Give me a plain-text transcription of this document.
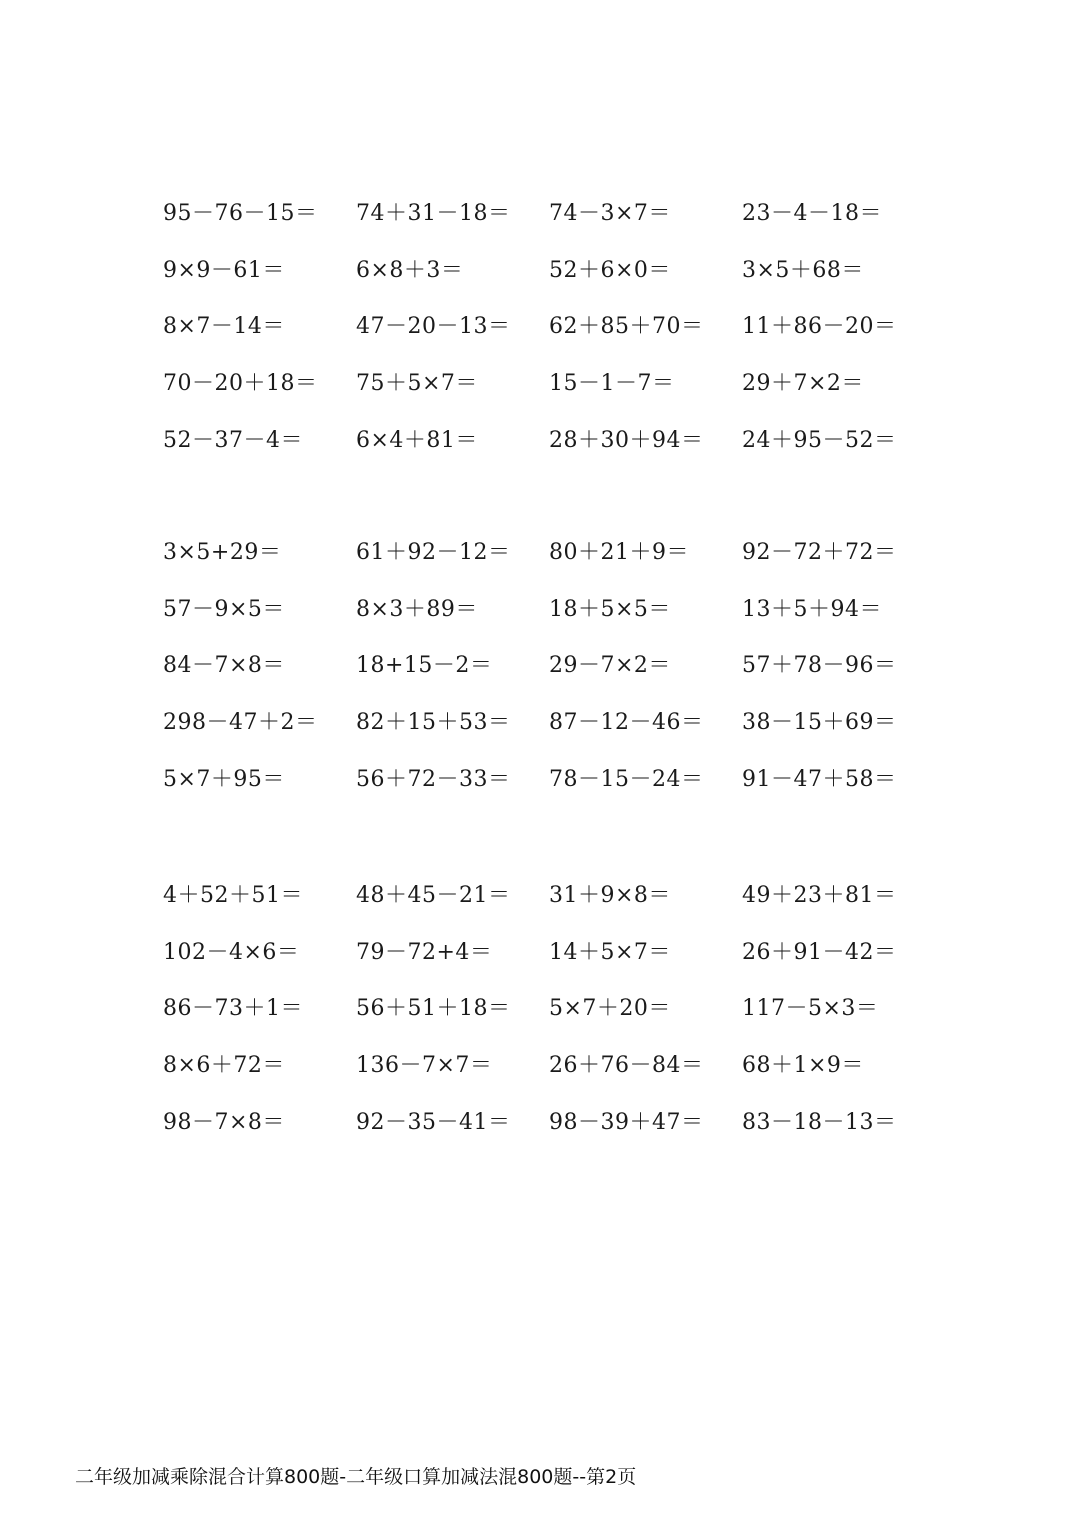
95－76－15＝	74＋31－18＝	74－3×7＝	23－4－18＝
9×9－61＝	6×8＋3＝	52＋6×0＝	3×5＋68＝
8×7－14＝	47－20－13＝	62＋85＋70＝	11＋86－20＝
70－20＋18＝	75＋5×7＝	15－1－7＝	29＋7×2＝
52－37－4＝	6×4＋81＝	28＋30＋94＝	24＋95－52＝
3×5+29＝	61＋92－12＝	80＋21＋9＝	92－72＋72＝
57－9×5＝	8×3＋89＝	18＋5×5＝	13＋5＋94＝
84－7×8＝	18+15－2＝	29－7×2＝	57＋78－96＝
298－47＋2＝	82＋15＋53＝	87－12－46＝	38－15＋69＝
5×7＋95＝	56＋72－33＝	78－15－24＝	91－47＋58＝
4＋52＋51＝	48＋45－21＝	31＋9×8＝	49＋23＋81＝
102－4×6＝	79－72+4＝	14＋5×7＝	26＋91－42＝
86－73＋1＝	56＋51＋18＝	5×7＋20＝	117－5×3＝
8×6＋72＝	136－7×7＝	26＋76－84＝	68＋1×9＝
98－7×8＝	92－35－41＝	98－39＋47＝	83－18－13＝
二年级加减乘除混合计算800题-二年级口算加减法混800题--第2页
